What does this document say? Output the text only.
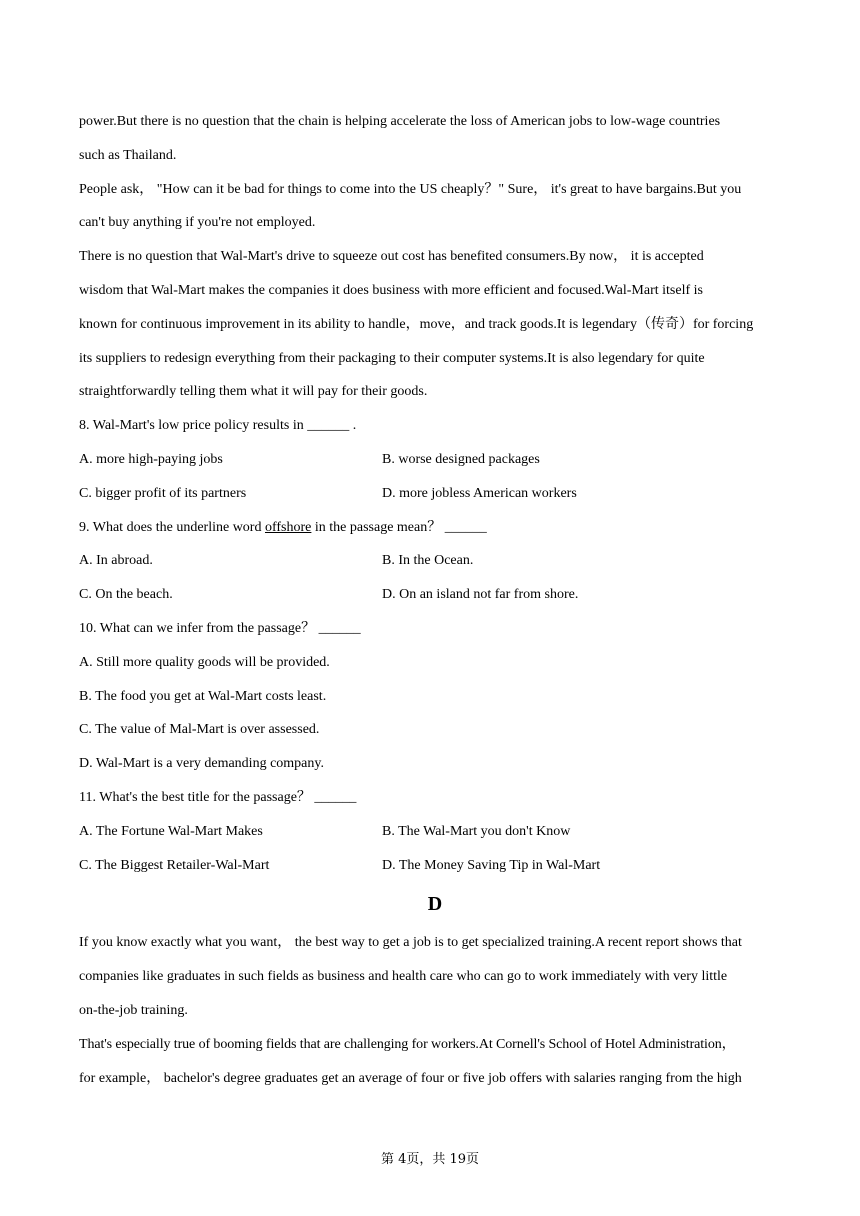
power.But there is no question that the chain is helping accelerate the loss of American jobs to low-wage countries
such as Thailand.
People ask， "How can it be bad for things to come into the US cheaply？" Sure， it's great to have bargains.But you
can't buy anything if you're not employed.
There is no question that Wal-Mart's drive to squeeze out cost has benefited consumers.By now， it is accepted
wisdom that Wal-Mart makes the companies it does business with more efficient and focused.Wal-Mart itself is
known for continuous improvement in its ability to handle，move，and track goods.It is legendary（传奇）for forcing
its suppliers to redesign everything from their packaging to their computer systems.It is also legendary for quite
straightforwardly telling them what it will pay for their goods.
8. Wal-Mart's low price policy results in ______ .
A. more high-paying jobs	B. worse designed packages
C. bigger profit of its partners	D. more jobless American workers
9. What does the underline word offshore in the passage mean？ ______
A. In abroad.	B. In the Ocean.
C. On the beach.	D. On an island not far from shore.
10. What can we infer from the passage？ ______
A. Still more quality goods will be provided.
B. The food you get at Wal-Mart costs least.
C. The value of Mal-Mart is over assessed.
D. Wal-Mart is a very demanding company.
11. What's the best title for the passage？ ______
A. The Fortune Wal-Mart Makes	B. The Wal-Mart you don't Know
C. The Biggest Retailer-Wal-Mart	D. The Money Saving Tip in Wal-Mart
D
If you know exactly what you want， the best way to get a job is to get specialized training.A recent report shows that
companies like graduates in such fields as business and health care who can go to work immediately with very little
on-the-job training.
That's especially true of booming fields that are challenging for workers.At Cornell's School of Hotel Administration，
for example， bachelor's degree graduates get an average of four or five job offers with salaries ranging from the high
第 4页，共 19页
